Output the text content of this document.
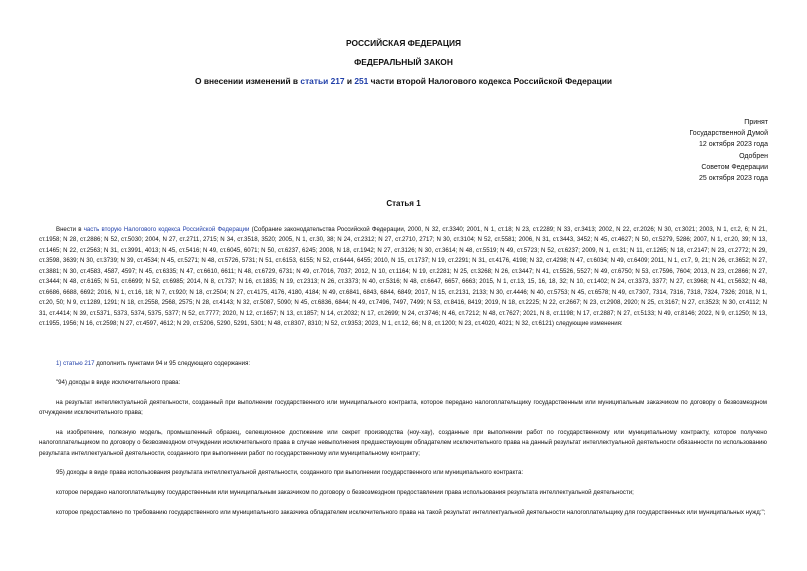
РОССИЙСКАЯ ФЕДЕРАЦИЯ
ФЕДЕРАЛЬНЫЙ ЗАКОН
О внесении изменений в статьи 217 и 251 части второй Налогового кодекса Российской Федерации
Принят
Государственной Думой
12 октября 2023 года
Одобрен
Советом Федерации
25 октября 2023 года
Статья 1
Внести в часть вторую Налогового кодекса Российской Федерации (Собрание законодательства Российской Федерации, 2000, N 32, ст.3340; 2001, N 1, ст.18; N 23, ст.2289; N 33, ст.3413; 2002, N 22, ст.2026; N 30, ст.3021; 2003, N 1, ст.2, 6; N 21, ст.1958; N 28, ст.2886; N 52, ст.5030; 2004, N 27, ст.2711, 2715; N 34, ст.3518, 3520; 2005, N 1, ст.30, 38; N 24, ст.2312; N 27, ст.2710, 2717; N 30, ст.3104; N 52, ст.5581; 2006, N 31, ст.3443, 3452; N 45, ст.4627; N 50, ст.5279, 5286; 2007, N 1, ст.20, 39; N 13, ст.1465; N 22, ст.2563; N 31, ст.3991, 4013; N 45, ст.5416; N 49, ст.6045, 6071; N 50, ст.6237, 6245; 2008, N 18, ст.1942; N 27, ст.3126; N 30, ст.3614; N 48, ст.5519; N 49, ст.5723; N 52, ст.6237; 2009, N 1, ст.31; N 11, ст.1265; N 18, ст.2147; N 23, ст.2772; N 29, ст.3598, 3639; N 30, ст.3739; N 39, ст.4534; N 45, ст.5271; N 48, ст.5726, 5731; N 51, ст.6153, 6155; N 52, ст.6444, 6455; 2010, N 15, ст.1737; N 19, ст.2291; N 31, ст.4176, 4198; N 32, ст.4298; N 47, ст.6034; N 49, ст.6409; 2011, N 1, ст.7, 9, 21; N 26, ст.3652; N 27, ст.3881; N 30, ст.4583, 4587, 4597; N 45, ст.6335; N 47, ст.6610, 6611; N 48, ст.6729, 6731; N 49, ст.7016, 7037; 2012, N 10, ст.1164; N 19, ст.2281; N 25, ст.3268; N 26, ст.3447; N 41, ст.5526, 5527; N 49, ст.6750; N 53, ст.7596, 7604; 2013, N 23, ст.2866; N 27, ст.3444; N 48, ст.6165; N 51, ст.6699; N 52, ст.6985; 2014, N 8, ст.737; N 16, ст.1835; N 19, ст.2313; N 26, ст.3373; N 40, ст.5316; N 48, ст.6647, 6657, 6663; 2015, N 1, ст.13, 15, 16, 18, 32; N 10, ст.1402; N 24, ст.3373, 3377; N 27, ст.3968; N 41, ст.5632; N 48, ст.6686, 6688, 6692; 2016, N 1, ст.16, 18; N 7, ст.920; N 18, ст.2504; N 27, ст.4175, 4176, 4180, 4184; N 49, ст.6841, 6843, 6844, 6849; 2017, N 15, ст.2131, 2133; N 30, ст.4446; N 40, ст.5753; N 45, ст.6578; N 49, ст.7307, 7314, 7316, 7318, 7324, 7326; 2018, N 1, ст.20, 50; N 9, ст.1289, 1291; N 18, ст.2558, 2568, 2575; N 28, ст.4143; N 32, ст.5087, 5090; N 45, ст.6836, 6844; N 49, ст.7496, 7497, 7499; N 53, ст.8416, 8419; 2019, N 18, ст.2225; N 22, ст.2667; N 23, ст.2908, 2920; N 25, ст.3167; N 27, ст.3523; N 30, ст.4112; N 31, ст.4414; N 39, ст.5371, 5373, 5374, 5375, 5377; N 52, ст.7777; 2020, N 12, ст.1657; N 13, ст.1857; N 14, ст.2032; N 17, ст.2699; N 24, ст.3746; N 46, ст.7212; N 48, ст.7627; 2021, N 8, ст.1198; N 17, ст.2887; N 27, ст.5133; N 49, ст.8146; 2022, N 9, ст.1250; N 13, ст.1955, 1956; N 16, ст.2598; N 27, ст.4597, 4612; N 29, ст.5206, 5290, 5291, 5301; N 48, ст.8307, 8310; N 52, ст.9353; 2023, N 1, ст.12, 66; N 8, ст.1200; N 23, ст.4020, 4021; N 32, ст.6121) следующие изменения:
1) статью 217 дополнить пунктами 94 и 95 следующего содержания:
"94) доходы в виде исключительного права:
на результат интеллектуальной деятельности, созданный при выполнении государственного или муниципального контракта, которое передано налогоплательщику государственным или муниципальным заказчиком по договору о безвозмездном отчуждении исключительного права;
на изобретение, полезную модель, промышленный образец, селекционное достижение или секрет производства (ноу-хау), созданные при выполнении работ по государственному или муниципальному контракту, которое получено налогоплательщиком по договору о безвозмездном отчуждении исключительного права в случае невыполнения предшествующим обладателем исключительного права на данный результат интеллектуальной деятельности обязанности по использованию результата интеллектуальной деятельности, созданного при выполнении работ по государственному или муниципальному контракту;
95) доходы в виде права использования результата интеллектуальной деятельности, созданного при выполнении государственного или муниципального контракта:
которое передано налогоплательщику государственным или муниципальным заказчиком по договору о безвозмездном предоставлении права использования результата интеллектуальной деятельности;
которое предоставлено по требованию государственного или муниципального заказчика обладателем исключительного права на такой результат интеллектуальной деятельности налогоплательщику для государственных или муниципальных нужд;";
